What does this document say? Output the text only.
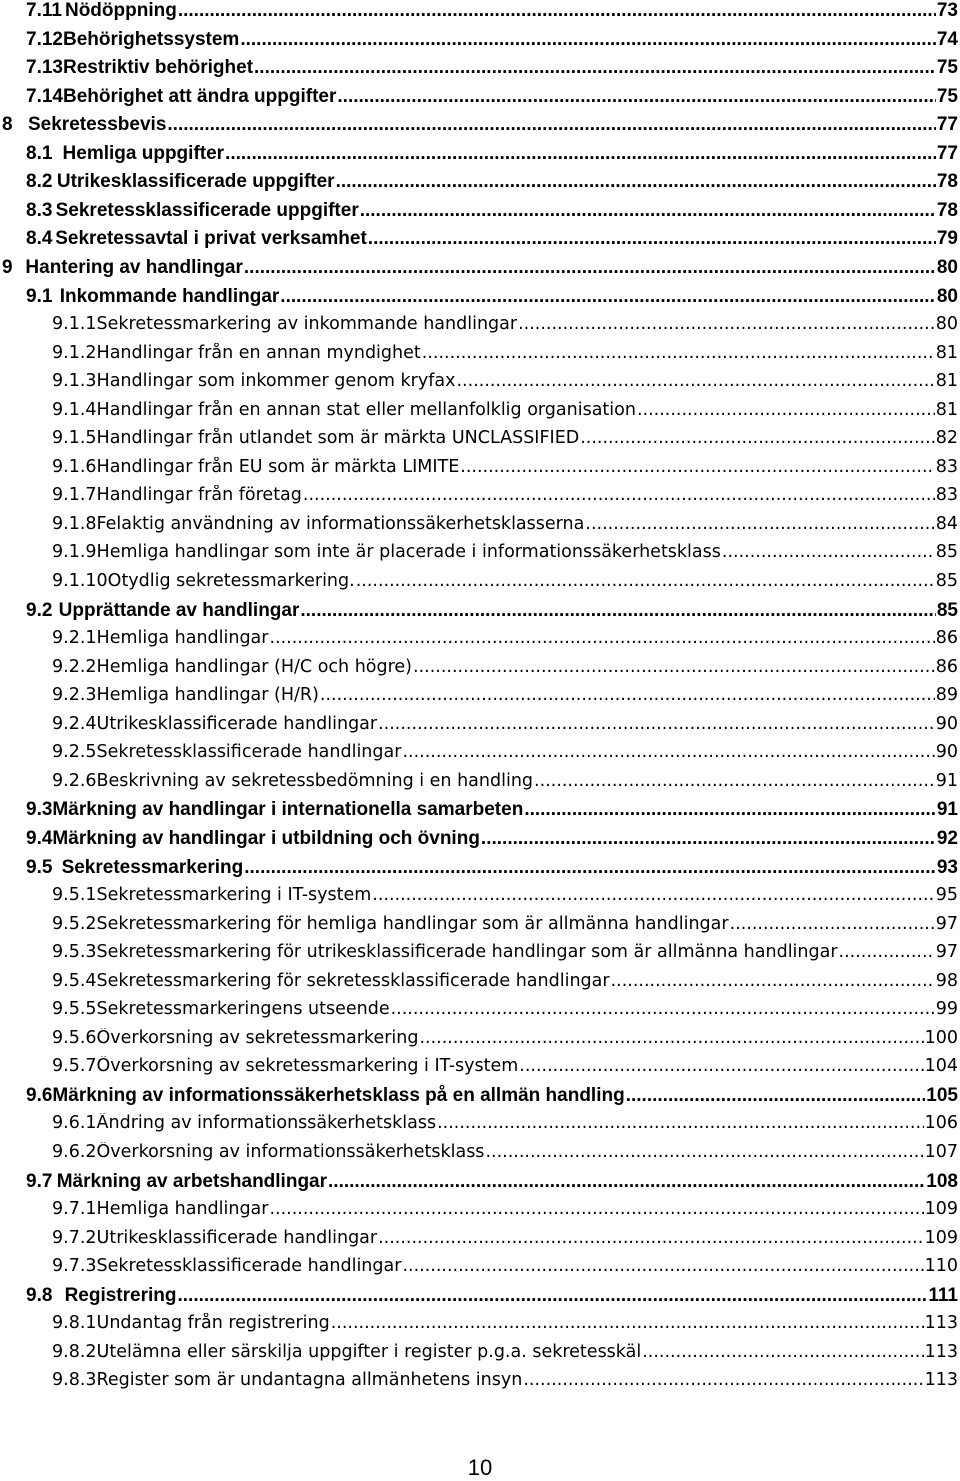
7.11 Nödöppning .....	73
7.12 Behörighetssystem .....	74
7.13 Restriktiv behörighet .....	75
7.14 Behörighet att ändra uppgifter .....	75
8 Sekretessbevis .....	77
8.1 Hemliga uppgifter .....	77
8.2 Utrikesklassificerade uppgifter .....	78
8.3 Sekretessklassificerade uppgifter .....	78
8.4 Sekretessavtal i privat verksamhet .....	79
9 Hantering av handlingar .....	80
9.1 Inkommande handlingar .....	80
9.1.1 Sekretessmarkering av inkommande handlingar .....	80
9.1.2 Handlingar från en annan myndighet .....	81
9.1.3 Handlingar som inkommer genom kryfax .....	81
9.1.4 Handlingar från en annan stat eller mellanfolklig organisation .....	81
9.1.5 Handlingar från utlandet som är märkta UNCLASSIFIED .....	82
9.1.6 Handlingar från EU som är märkta LIMITE .....	83
9.1.7 Handlingar från företag .....	83
9.1.8 Felaktig användning av informationssäkerhetsklasserna .....	84
9.1.9 Hemliga handlingar som inte är placerade i informationssäkerhetsklass .....	85
9.1.10 Otydlig sekretessmarkering. .....	85
9.2 Upprättande av handlingar .....	85
9.2.1 Hemliga handlingar .....	86
9.2.2 Hemliga handlingar (H/C och högre) .....	86
9.2.3 Hemliga handlingar (H/R) .....	89
9.2.4 Utrikesklassificerade handlingar .....	90
9.2.5 Sekretessklassificerade handlingar .....	90
9.2.6 Beskrivning av sekretessbedömning i en handling .....	91
9.3 Märkning av handlingar i internationella samarbeten .....	91
9.4 Märkning av handlingar i utbildning och övning .....	92
9.5 Sekretessmarkering .....	93
9.5.1 Sekretessmarkering i IT-system .....	95
9.5.2 Sekretessmarkering för hemliga handlingar som är allmänna handlingar .....	97
9.5.3 Sekretessmarkering för utrikesklassificerade handlingar som är allmänna handlingar .....	97
9.5.4 Sekretessmarkering för sekretessklassificerade handlingar .....	98
9.5.5 Sekretessmarkeringens utseende .....	99
9.5.6 Överkorsning av sekretessmarkering .....	100
9.5.7 Överkorsning av sekretessmarkering i IT-system .....	104
9.6 Märkning av informationssäkerhetsklass på en allmän handling .....	105
9.6.1 Ändring av informationssäkerhetsklass .....	106
9.6.2 Överkorsning av informationssäkerhetsklass .....	107
9.7 Märkning av arbetshandlingar .....	108
9.7.1 Hemliga handlingar .....	109
9.7.2 Utrikesklassificerade handlingar .....	109
9.7.3 Sekretessklassificerade handlingar .....	110
9.8 Registrering .....	111
9.8.1 Undantag från registrering .....	113
9.8.2 Utelämna eller särskilja uppgifter i register p.g.a. sekretesskäl .....	113
9.8.3 Register som är undantagna allmänhetens insyn .....	113
10
